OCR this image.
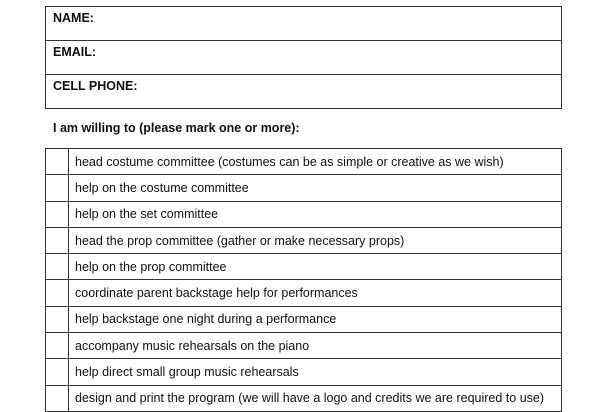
NAME:

EMAIL:

CELL PHONE:

I am willing to (please mark one or more):

	head costume committee (costumes can be as simple or creative as we wish)
	help on the costume committee
	help on the set committee
	head the prop committee (gather or make necessary props)
	help on the prop committee
	coordinate parent backstage help for performances
	help backstage one night during a performance
	accompany music rehearsals on the piano
	help direct small group music rehearsals
	design and print the program (we will have a logo and credits we are required to use)
